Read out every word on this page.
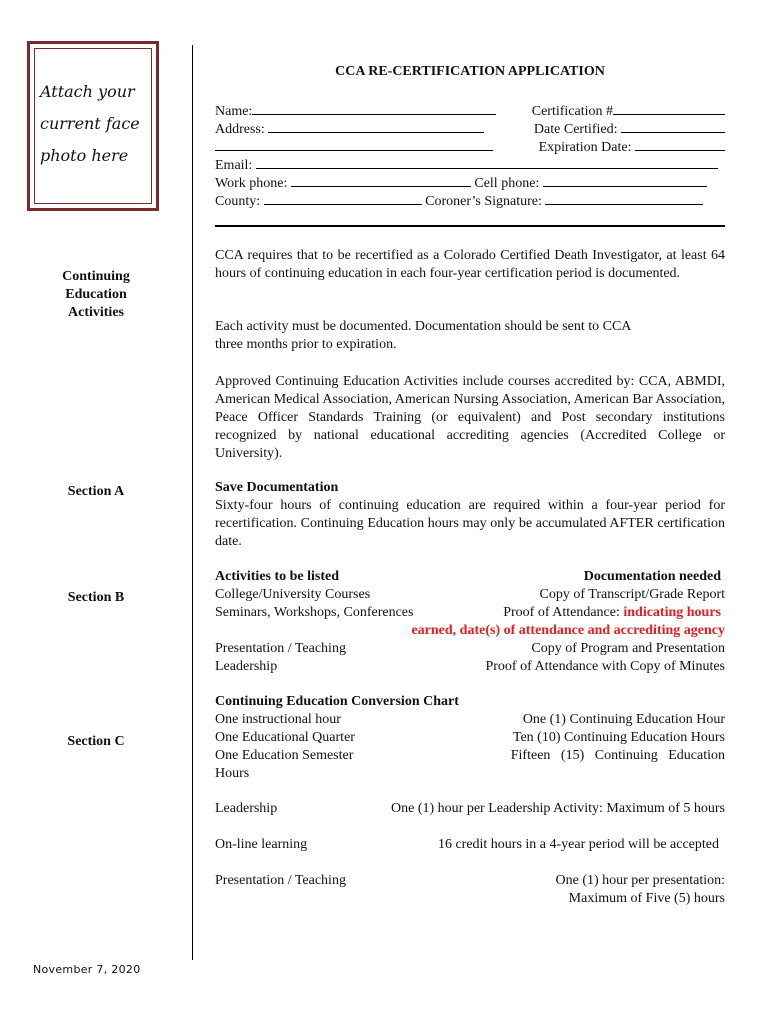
Attach your
current face
photo here
Continuing
Education
Activities
Section A
Section B
Section C
November 7, 2020
CCA RE-CERTIFICATION APPLICATION
Name:	Certification #
Address:	Date Certified:
Expiration Date:
Email:
Work phone:	Cell phone:
County:	Coroner’s Signature:

CCA requires that to be recertified as a Colorado Certified Death Investigator, at least 64 hours of continuing education in each four-year certification period is documented.

Each activity must be documented. Documentation should be sent to CCA
three months prior to expiration.

Approved Continuing Education Activities include courses accredited by: CCA, ABMDI, American Medical Association, American Nursing Association, American Bar Association, Peace Officer Standards Training (or equivalent) and Post secondary institutions recognized by national educational accrediting agencies (Accredited College or University).

Save Documentation

Sixty-four hours of continuing education are required within a four-year period for recertification. Continuing Education hours may only be accumulated AFTER certification date.

Activities to be listed	Documentation needed
College/University Courses	Copy of Transcript/Grade Report
Seminars, Workshops, Conferences	Proof of Attendance: indicating hours
earned, date(s) of attendance and accrediting agency
Presentation / Teaching	Copy of Program and Presentation
Leadership	Proof of Attendance with Copy of Minutes
Continuing Education Conversion Chart
One instructional hour	One (1) Continuing Education Hour
One Educational Quarter	Ten (10) Continuing Education Hours
One Education Semester	Fifteen   (15)   Continuing   Education
Hours
Leadership	One (1) hour per Leadership Activity: Maximum of 5 hours
On-line learning	16 credit hours in a 4-year period will be accepted
Presentation / Teaching	One (1) hour per presentation:
Maximum of Five (5) hours
